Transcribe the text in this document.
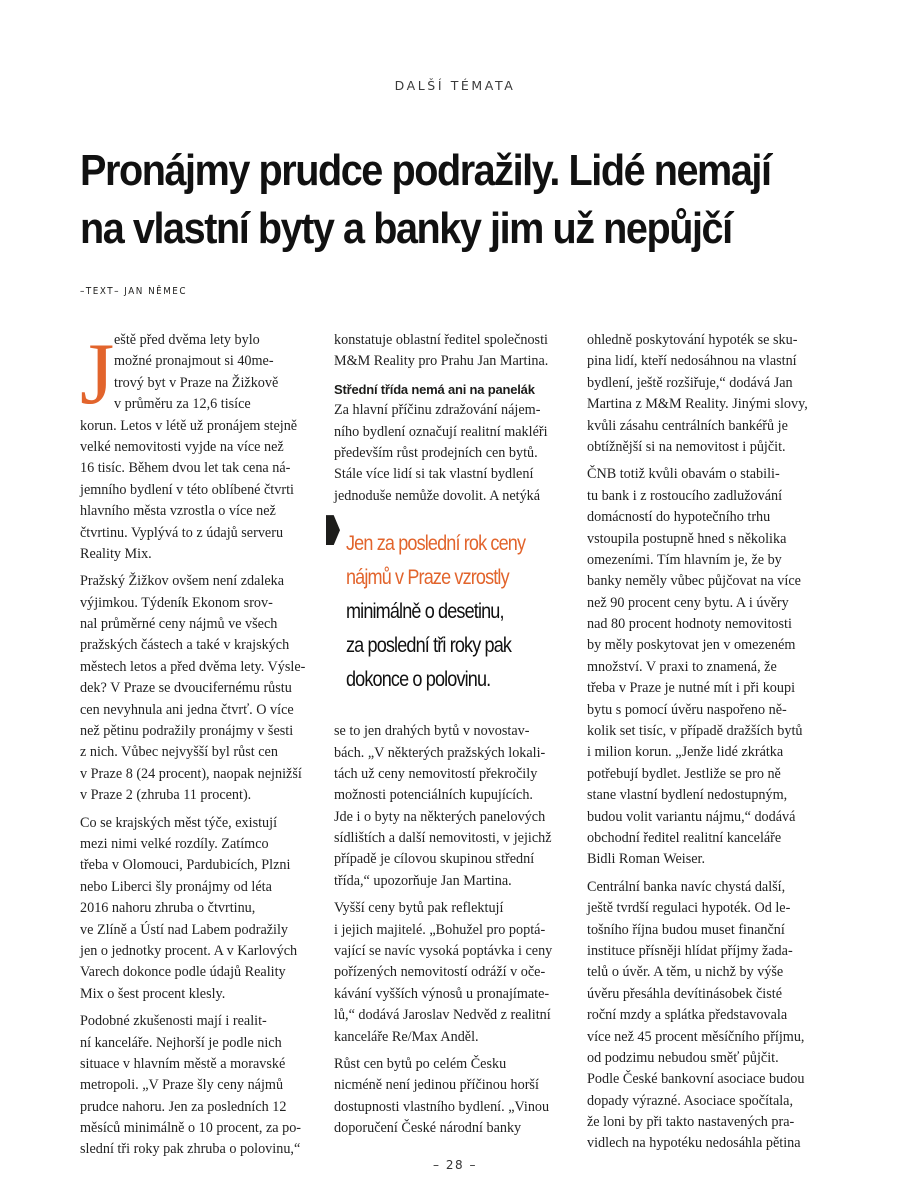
DALŠÍ TÉMATA
Pronájmy prudce podražily. Lidé nemají
na vlastní byty a banky jim už nepůjčí
–TEXT– JAN NĚMEC
J eště před dvěma lety bylo
možné pronajmout si 40me-
trový byt v Praze na Žižkově
v průměru za 12,6 tisíce
korun. Letos v létě už pronájem stejně
velké nemovitosti vyjde na více než
16 tisíc. Během dvou let tak cena ná-
jemního bydlení v této oblíbené čtvrti
hlavního města vzrostla o více než
čtvrtinu. Vyplývá to z údajů serveru
Reality Mix.
Pražský Žižkov ovšem není zdaleka
výjimkou. Týdeník Ekonom srov-
nal průměrné ceny nájmů ve všech
pražských částech a také v krajských
městech letos a před dvěma lety. Výsle-
dek? V Praze se dvoucifernému růstu
cen nevyhnula ani jedna čtvrť. O více
než pětinu podražily pronájmy v šesti
z nich. Vůbec nejvyšší byl růst cen
v Praze 8 (24 procent), naopak nejnižší
v Praze 2 (zhruba 11 procent).
Co se krajských měst týče, existují
mezi nimi velké rozdíly. Zatímco
třeba v Olomouci, Pardubicích, Plzni
nebo Liberci šly pronájmy od léta
2016 nahoru zhruba o čtvrtinu,
ve Zlíně a Ústí nad Labem podražily
jen o jednotky procent. A v Karlových
Varech dokonce podle údajů Reality
Mix o šest procent klesly.
Podobné zkušenosti mají i realit-
ní kanceláře. Nejhorší je podle nich
situace v hlavním městě a moravské
metropoli. „V Praze šly ceny nájmů
prudce nahoru. Jen za posledních 12
měsíců minimálně o 10 procent, za po-
slední tři roky pak zhruba o polovinu,“
konstatuje oblastní ředitel společnosti
M&M Reality pro Prahu Jan Martina.
Střední třída nemá ani na panelák
Za hlavní příčinu zdražování nájem-
ního bydlení označují realitní makléři
především růst prodejních cen bytů.
Stále více lidí si tak vlastní bydlení
jednoduše nemůže dovolit. A netýká
Jen za poslední rok ceny
nájmů v Praze vzrostly
minimálně o desetinu,
za poslední tři roky pak
dokonce o polovinu.
se to jen drahých bytů v novostav-
bách. „V některých pražských lokali-
tách už ceny nemovitostí překročily
možnosti potenciálních kupujících.
Jde i o byty na některých panelových
sídlištích a další nemovitosti, v jejichž
případě je cílovou skupinou střední
třída,“ upozorňuje Jan Martina.
Vyšší ceny bytů pak reflektují
i jejich majitelé. „Bohužel pro poptá-
vající se navíc vysoká poptávka i ceny
pořízených nemovitostí odráží v oče-
kávání vyšších výnosů u pronajímate-
lů,“ dodává Jaroslav Nedvěd z realitní
kanceláře Re/Max Anděl.
Růst cen bytů po celém Česku
nicméně není jedinou příčinou horší
dostupnosti vlastního bydlení. „Vinou
doporučení České národní banky
ohledně poskytování hypoték se sku-
pina lidí, kteří nedosáhnou na vlastní
bydlení, ještě rozšiřuje,“ dodává Jan
Martina z M&M Reality. Jinými slovy,
kvůli zásahu centrálních bankéřů je
obtížnější si na nemovitost i půjčit.
ČNB totiž kvůli obavám o stabili-
tu bank i z rostoucího zadlužování
domácností do hypotečního trhu
vstoupila postupně hned s několika
omezeními. Tím hlavním je, že by
banky neměly vůbec půjčovat na více
než 90 procent ceny bytu. A i úvěry
nad 80 procent hodnoty nemovitosti
by měly poskytovat jen v omezeném
množství. V praxi to znamená, že
třeba v Praze je nutné mít i při koupi
bytu s pomocí úvěru naspořeno ně-
kolik set tisíc, v případě dražších bytů
i milion korun. „Jenže lidé zkrátka
potřebují bydlet. Jestliže se pro ně
stane vlastní bydlení nedostupným,
budou volit variantu nájmu,“ dodává
obchodní ředitel realitní kanceláře
Bidli Roman Weiser.
Centrální banka navíc chystá další,
ještě tvrdší regulaci hypoték. Od le-
tošního října budou muset finanční
instituce přísněji hlídat příjmy žada-
telů o úvěr. A těm, u nichž by výše
úvěru přesáhla devítinásobek čisté
roční mzdy a splátka představovala
více než 45 procent měsíčního příjmu,
od podzimu nebudou směť půjčit.
Podle České bankovní asociace budou
dopady výrazné. Asociace spočítala,
že loni by při takto nastavených pra-
vidlech na hypotéku nedosáhla pětina
– 28 –
